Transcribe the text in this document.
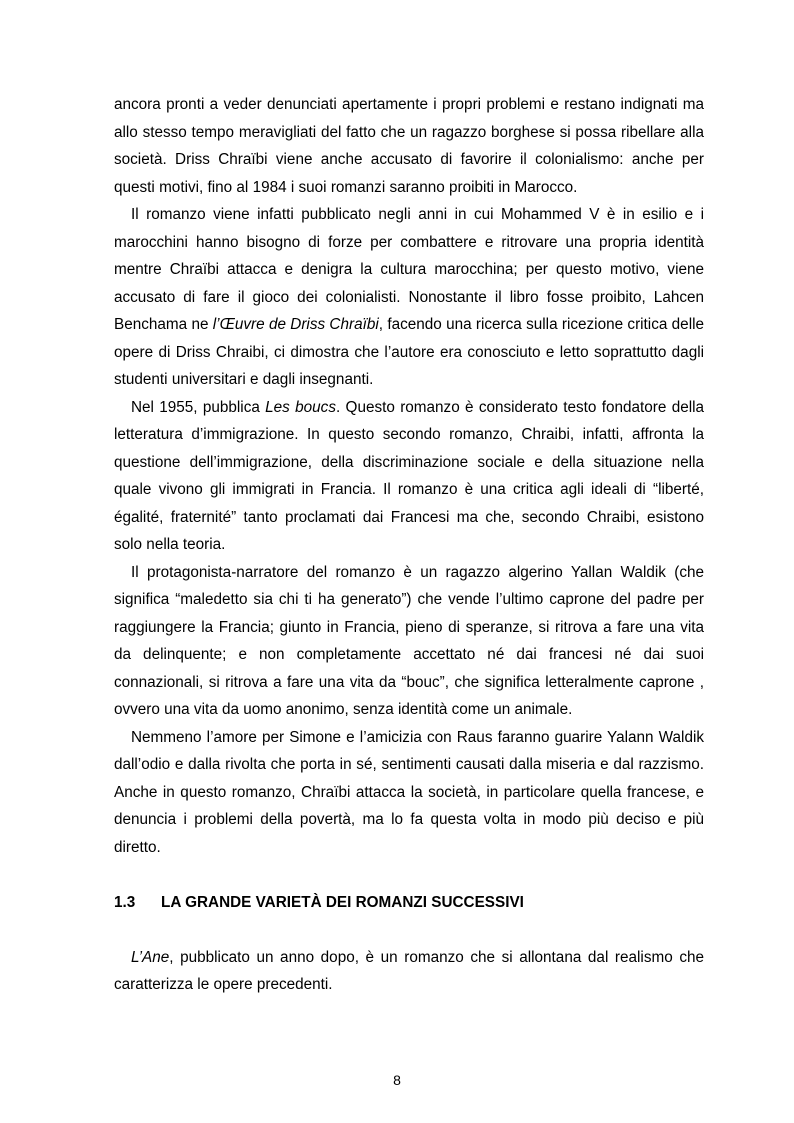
ancora pronti a veder denunciati apertamente i propri problemi e restano indignati ma allo stesso tempo meravigliati del fatto che un ragazzo borghese si possa ribellare alla società. Driss Chraïbi viene anche accusato di favorire il colonialismo: anche per questi motivi, fino al 1984 i suoi romanzi saranno proibiti in Marocco.

Il romanzo viene infatti pubblicato negli anni in cui Mohammed V è in esilio e i marocchini hanno bisogno di forze per combattere e ritrovare una propria identità mentre Chraïbi attacca e denigra la cultura marocchina; per questo motivo, viene accusato di fare il gioco dei colonialisti. Nonostante il libro fosse proibito, Lahcen Benchama ne l’Œuvre de Driss Chraïbi, facendo una ricerca sulla ricezione critica delle opere di Driss Chraibi, ci dimostra che l’autore era conosciuto e letto soprattutto dagli studenti universitari e dagli insegnanti.

Nel 1955, pubblica Les boucs. Questo romanzo è considerato testo fondatore della letteratura d’immigrazione. In questo secondo romanzo, Chraibi, infatti, affronta la questione dell’immigrazione, della discriminazione sociale e della situazione nella quale vivono gli immigrati in Francia. Il romanzo è una critica agli ideali di “liberté, égalité, fraternité” tanto proclamati dai Francesi ma che, secondo Chraibi, esistono solo nella teoria.

Il protagonista-narratore del romanzo è un ragazzo algerino Yallan Waldik (che significa “maledetto sia chi ti ha generato”) che vende l’ultimo caprone del padre per raggiungere la Francia; giunto in Francia, pieno di speranze, si ritrova a fare una vita da delinquente; e non completamente accettato né dai francesi né dai suoi connazionali, si ritrova a fare una vita da “bouc”, che significa letteralmente caprone , ovvero una vita da uomo anonimo, senza identità come un animale.

Nemmeno l’amore per Simone e l’amicizia con Raus faranno guarire Yalann Waldik dall’odio e dalla rivolta che porta in sé, sentimenti causati dalla miseria e dal razzismo. Anche in questo romanzo, Chraïbi attacca la società, in particolare quella francese, e denuncia i problemi della povertà, ma lo fa questa volta in modo più deciso e più diretto.

1.3	LA GRANDE VARIETÀ DEI ROMANZI SUCCESSIVI

L’Ane, pubblicato un anno dopo, è un romanzo che si allontana dal realismo che caratterizza le opere precedenti.

8
